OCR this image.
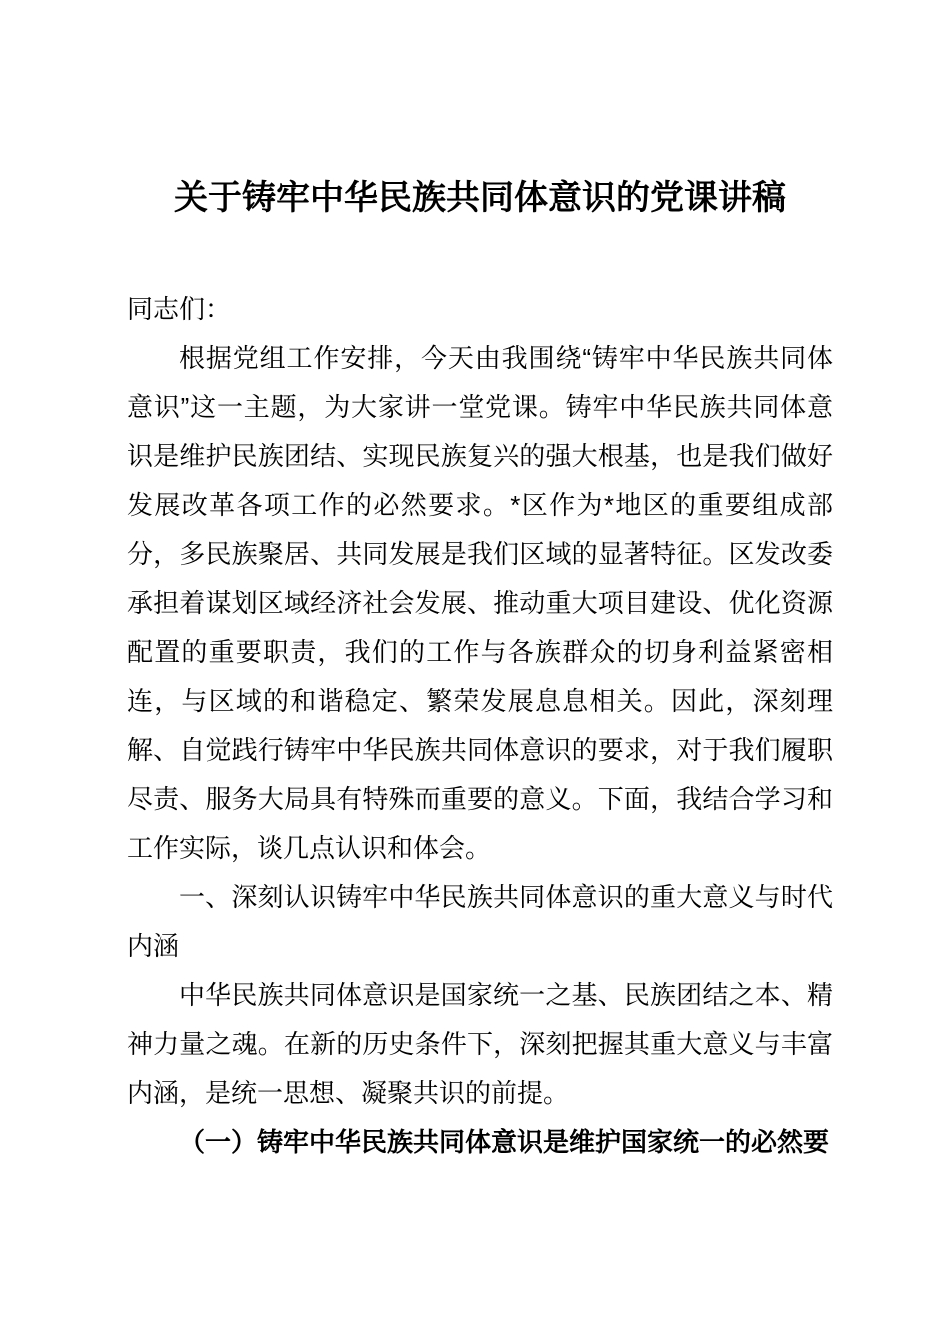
关于铸牢中华民族共同体意识的党课讲稿

同志们：

根据党组工作安排，今天由我围绕“铸牢中华民族共同体意识”这一主题，为大家讲一堂党课。铸牢中华民族共同体意识是维护民族团结、实现民族复兴的强大根基，也是我们做好发展改革各项工作的必然要求。*区作为*地区的重要组成部分，多民族聚居、共同发展是我们区域的显著特征。区发改委承担着谋划区域经济社会发展、推动重大项目建设、优化资源配置的重要职责，我们的工作与各族群众的切身利益紧密相连，与区域的和谐稳定、繁荣发展息息相关。因此，深刻理解、自觉践行铸牢中华民族共同体意识的要求，对于我们履职尽责、服务大局具有特殊而重要的意义。下面，我结合学习和工作实际，谈几点认识和体会。

一、深刻认识铸牢中华民族共同体意识的重大意义与时代内涵

中华民族共同体意识是国家统一之基、民族团结之本、精神力量之魂。在新的历史条件下，深刻把握其重大意义与丰富内涵，是统一思想、凝聚共识的前提。

（一）铸牢中华民族共同体意识是维护国家统一的必然要
